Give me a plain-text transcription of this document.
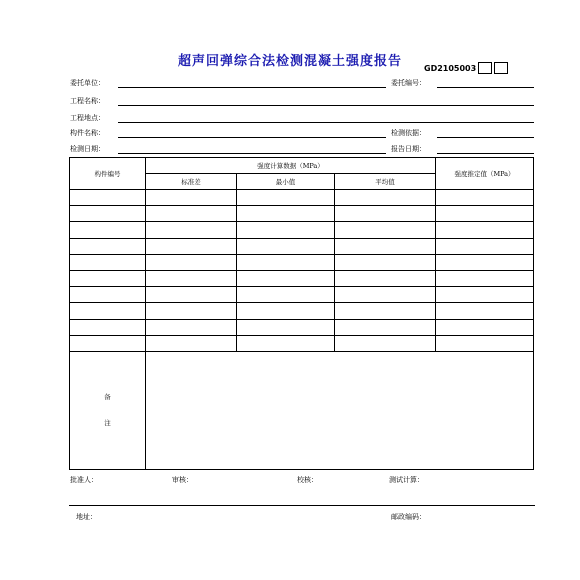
超声回弹综合法检测混凝土强度报告	GD2105003
委托单位：	委托编号：
工程名称：
工程地点：
构件名称：	检测依据：
检测日期：	报告日期：
构件编号	强度计算数据（MPa）			强度推定值（MPa）
	标准差	最小值	平均值	

备
注				

批准人：	审核：	校核：	测试计算：
地址：	邮政编码：
